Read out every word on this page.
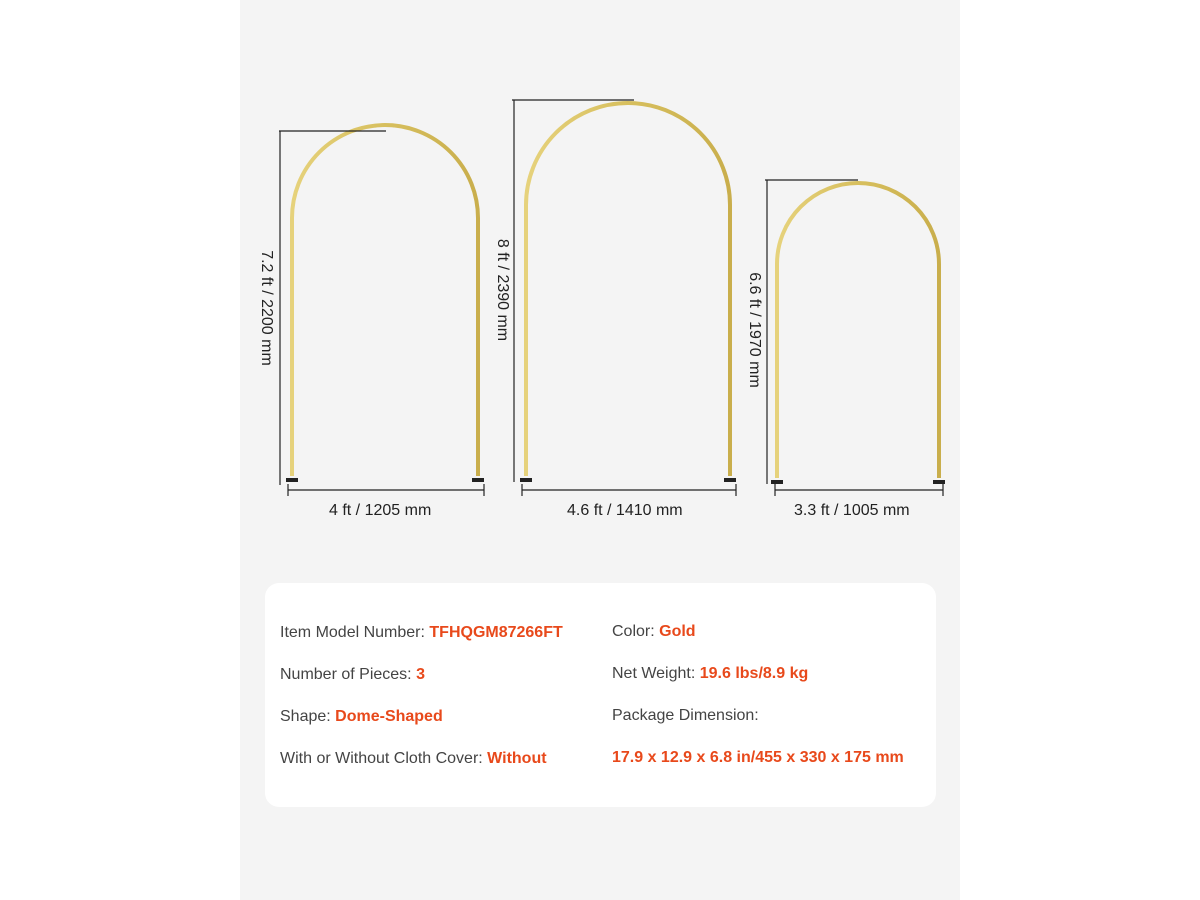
7.2 ft / 2200 mm	8 ft / 2390 mm	6.6 ft / 1970 mm
4 ft / 1205 mm	4.6 ft / 1410 mm	3.3 ft / 1005 mm
Item Model Number: TFHQGM87266FT
Number of Pieces: 3
Shape: Dome-Shaped
With or Without Cloth Cover: Without
Color: Gold
Net Weight: 19.6 lbs/8.9 kg
Package Dimension:
17.9 x 12.9 x 6.8 in/455 x 330 x 175 mm
